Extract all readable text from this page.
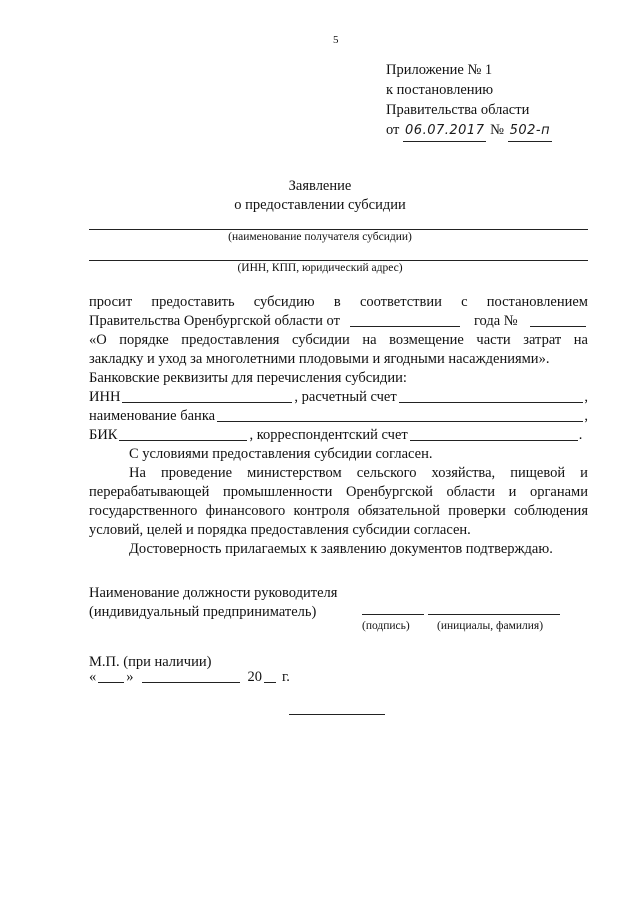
5
Приложение № 1
к постановлению
Правительства области
от 06.07.2017 № 502-п
Заявление
о предоставлении субсидии
(наименование получателя субсидии)
(ИНН, КПП, юридический адрес)
просит предоставить субсидию в соответствии с постановлением
Правительства Оренбургской области от	года №
«О порядке предоставления субсидии на возмещение части затрат на
закладку и уход за многолетними плодовыми и ягодными насаждениями».
Банковские реквизиты для перечисления субсидии:
ИНН	, расчетный счет	,
наименование банка	,
БИК	, корреспондентский счет	.
С условиями предоставления субсидии согласен.
На проведение министерством сельского хозяйства, пищевой и
перерабатывающей промышленности Оренбургской области и органами
государственного финансового контроля обязательной проверки соблюдения
условий, целей и порядка предоставления субсидии согласен.
Достоверность прилагаемых к заявлению документов подтверждаю.
Наименование должности руководителя
(индивидуальный предприниматель)
(подпись) (инициалы, фамилия)
М.П. (при наличии)
« »	20 г.
